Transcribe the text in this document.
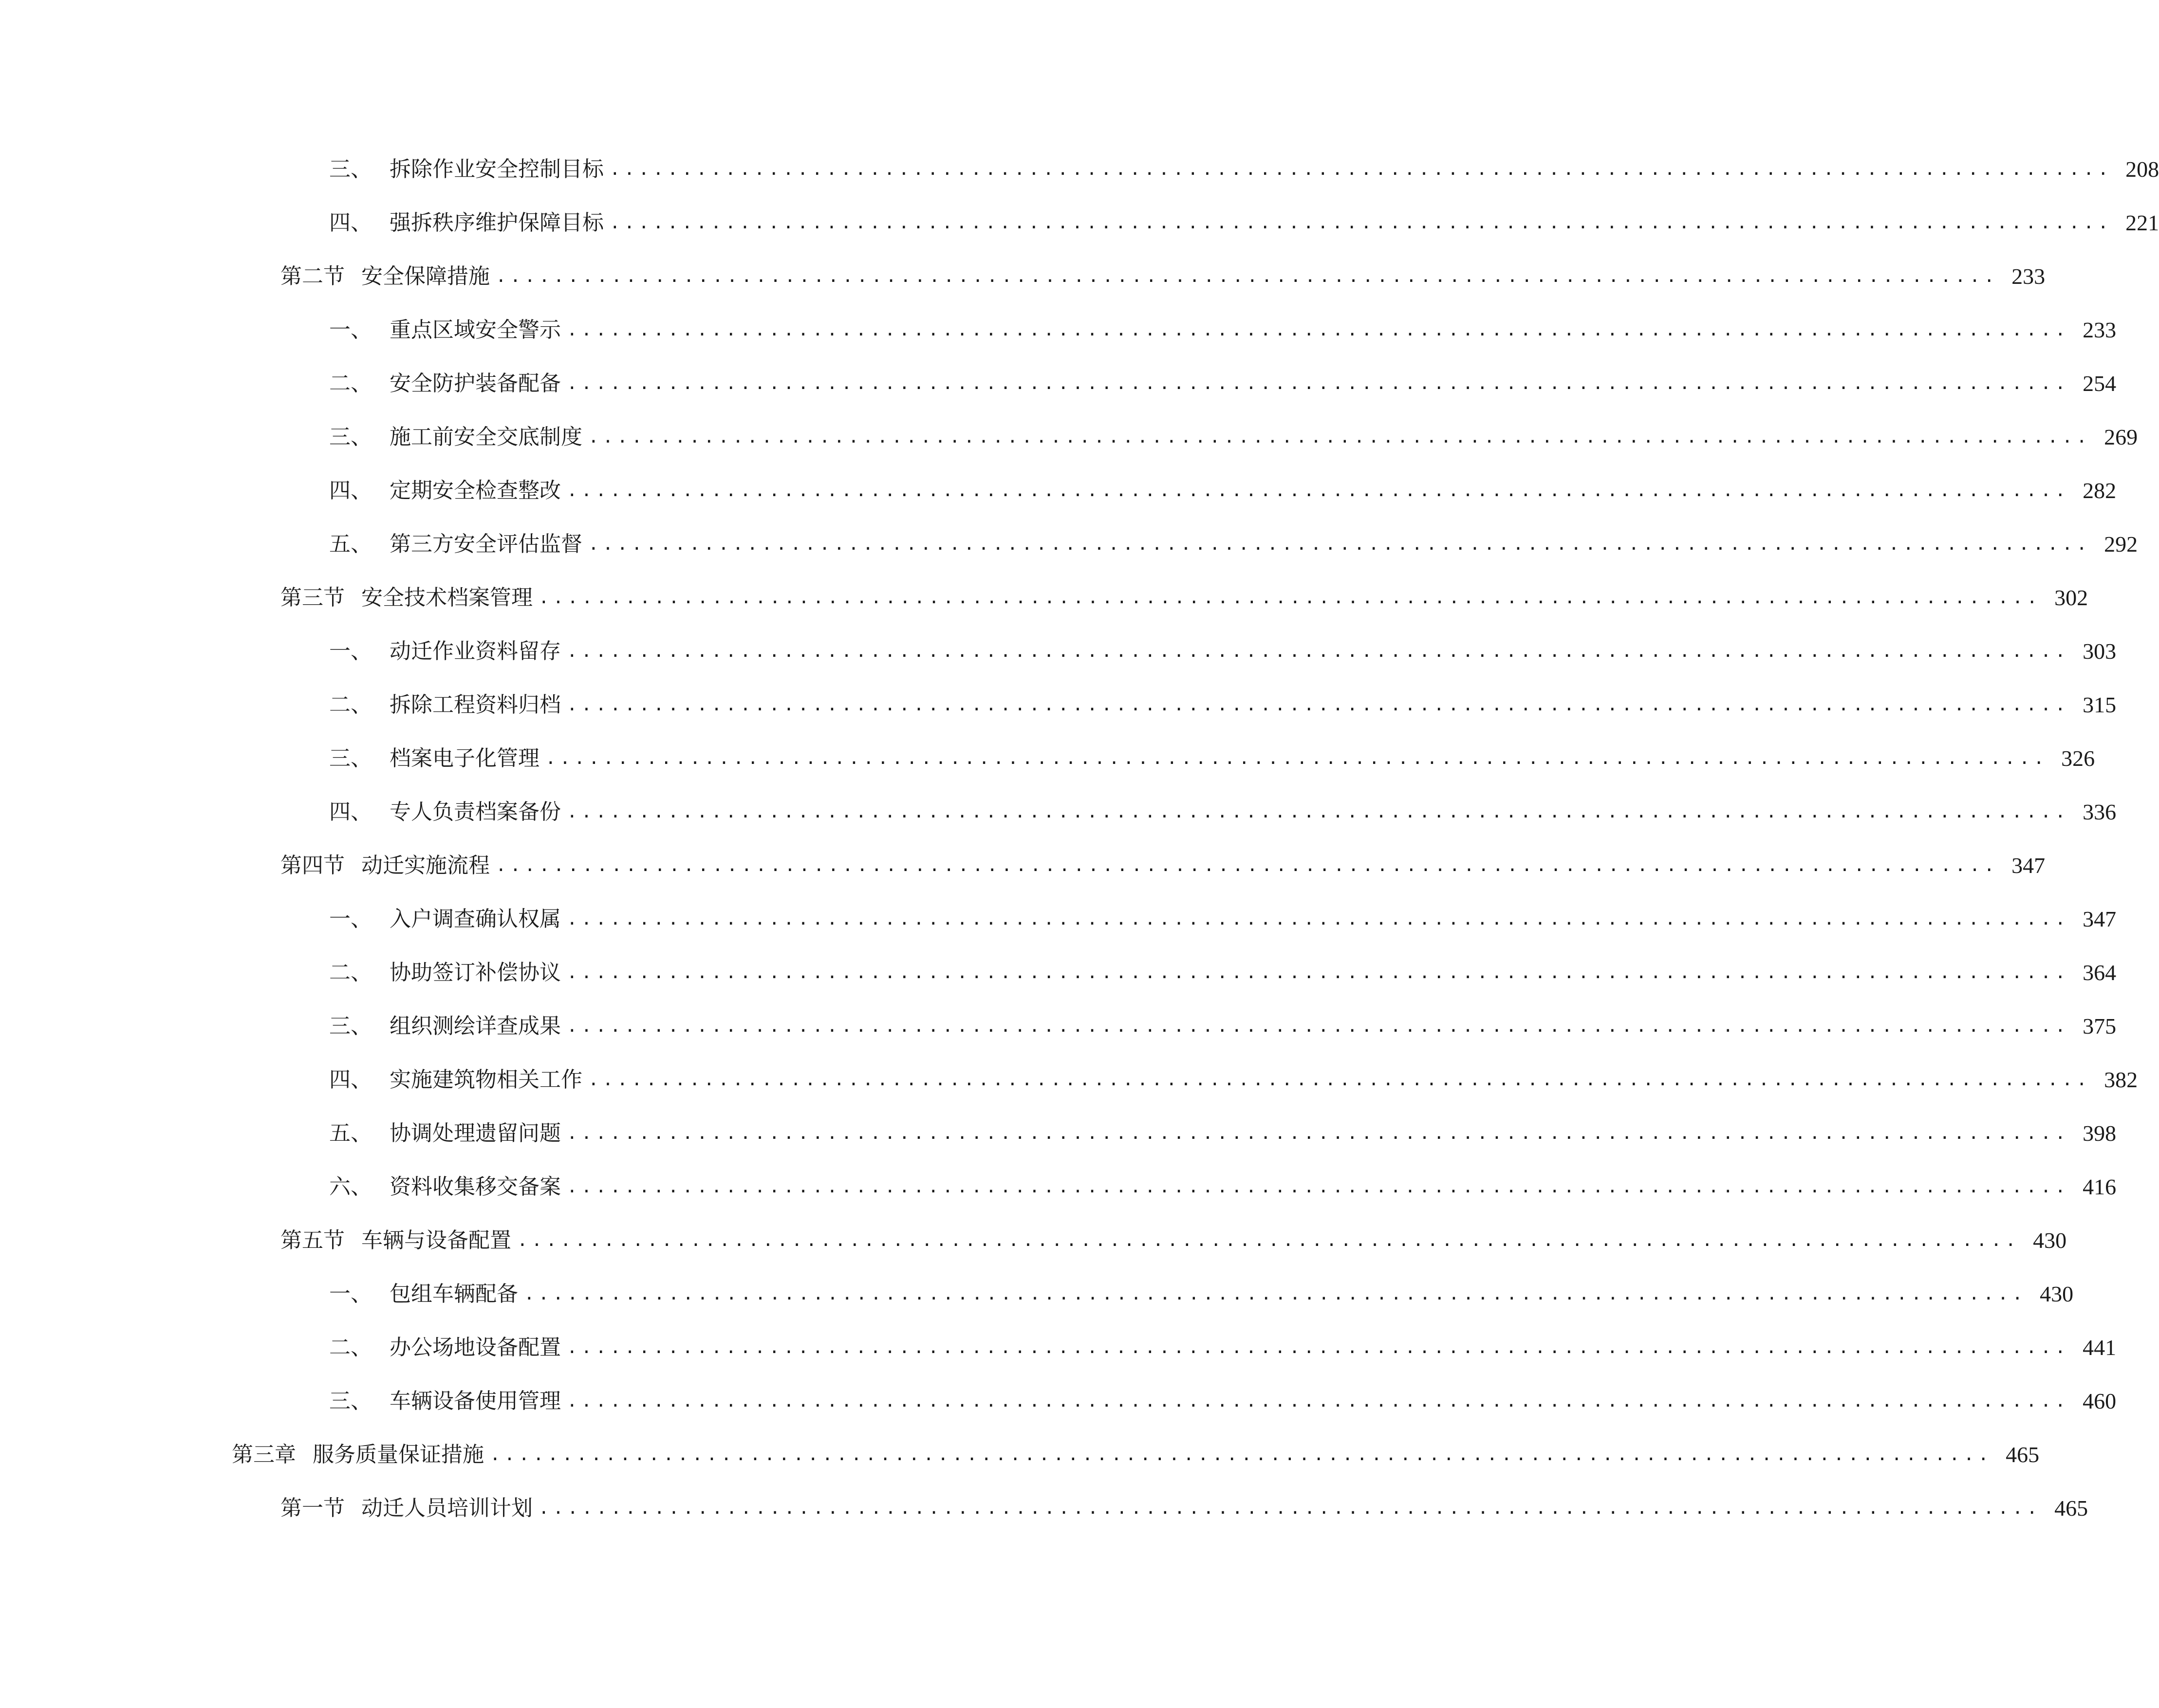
三、 拆除作业安全控制目标 ........................................................................................................ 208
四、 强拆秩序维护保障目标 ........................................................................................................ 221
第二节 安全保障措施 ........................................................................................................ 233
一、 重点区域安全警示 ........................................................................................................ 233
二、 安全防护装备配备 ........................................................................................................ 254
三、 施工前安全交底制度 ........................................................................................................ 269
四、 定期安全检查整改 ........................................................................................................ 282
五、 第三方安全评估监督 ........................................................................................................ 292
第三节 安全技术档案管理 ........................................................................................................ 302
一、 动迁作业资料留存 ........................................................................................................ 303
二、 拆除工程资料归档 ........................................................................................................ 315
三、 档案电子化管理 ........................................................................................................ 326
四、 专人负责档案备份 ........................................................................................................ 336
第四节 动迁实施流程 ........................................................................................................ 347
一、 入户调查确认权属 ........................................................................................................ 347
二、 协助签订补偿协议 ........................................................................................................ 364
三、 组织测绘详查成果 ........................................................................................................ 375
四、 实施建筑物相关工作 ........................................................................................................ 382
五、 协调处理遗留问题 ........................................................................................................ 398
六、 资料收集移交备案 ........................................................................................................ 416
第五节 车辆与设备配置 ........................................................................................................ 430
一、 包组车辆配备 ........................................................................................................ 430
二、 办公场地设备配置 ........................................................................................................ 441
三、 车辆设备使用管理 ........................................................................................................ 460
第三章 服务质量保证措施 ........................................................................................................ 465
第一节 动迁人员培训计划 ........................................................................................................ 465
